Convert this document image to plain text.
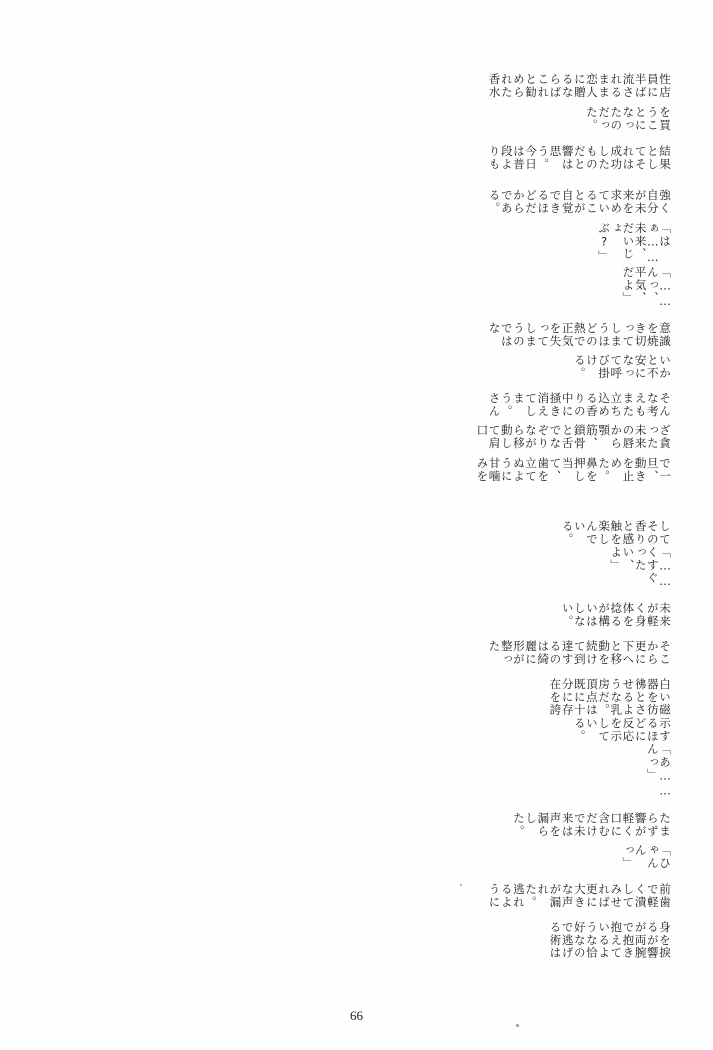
性店員に半ば流されるまま恋人に贈るならばこれと勧められた香水
を買うことになったのだった。
結果としてそれは成功したものだと響は思う。今日は普段よりも
強く自分が未来を求めていることが自覚できるほどだからである。
「はぁ……未来、だいじょぶ?」
「……んっ、平気、だよ」
意識を焼き切ってしまうほどの熱で正気を失ってしまうのではな
いかと不安になって呼び掛ける。
そんな考えもまた立ち込める香りの中に掻き消えてしまう。さん
ざ貪った未来の唇から顎筋、鎖骨と舌でなぞりながら移動して肩口
で一旦、動きを止めた。鼻を押し当て、歯を立てぬように甘噛みを
してその香りと感触を楽しんでいる。
「……くすぐったい、よ」
未来が軽く身体を捻るが構いはしない。
そこから更に下へと移動を続けて到達するのは綺麗に形が整った
白い磁器を彷彿とさせるような乳房だ。頂点は既に十分に存在を誇
示するほどに反応を示している。
「あ……んっ」
たまらず響が軽く口に含むだけで未来は声を漏らした。
「ひゃんんっ」
前歯で軽く潰してみせれば更に大きな声が漏れた。逃れるように
身を捩るが響が両腕で抱き抱えているような恰好なので逃げる術は
66
